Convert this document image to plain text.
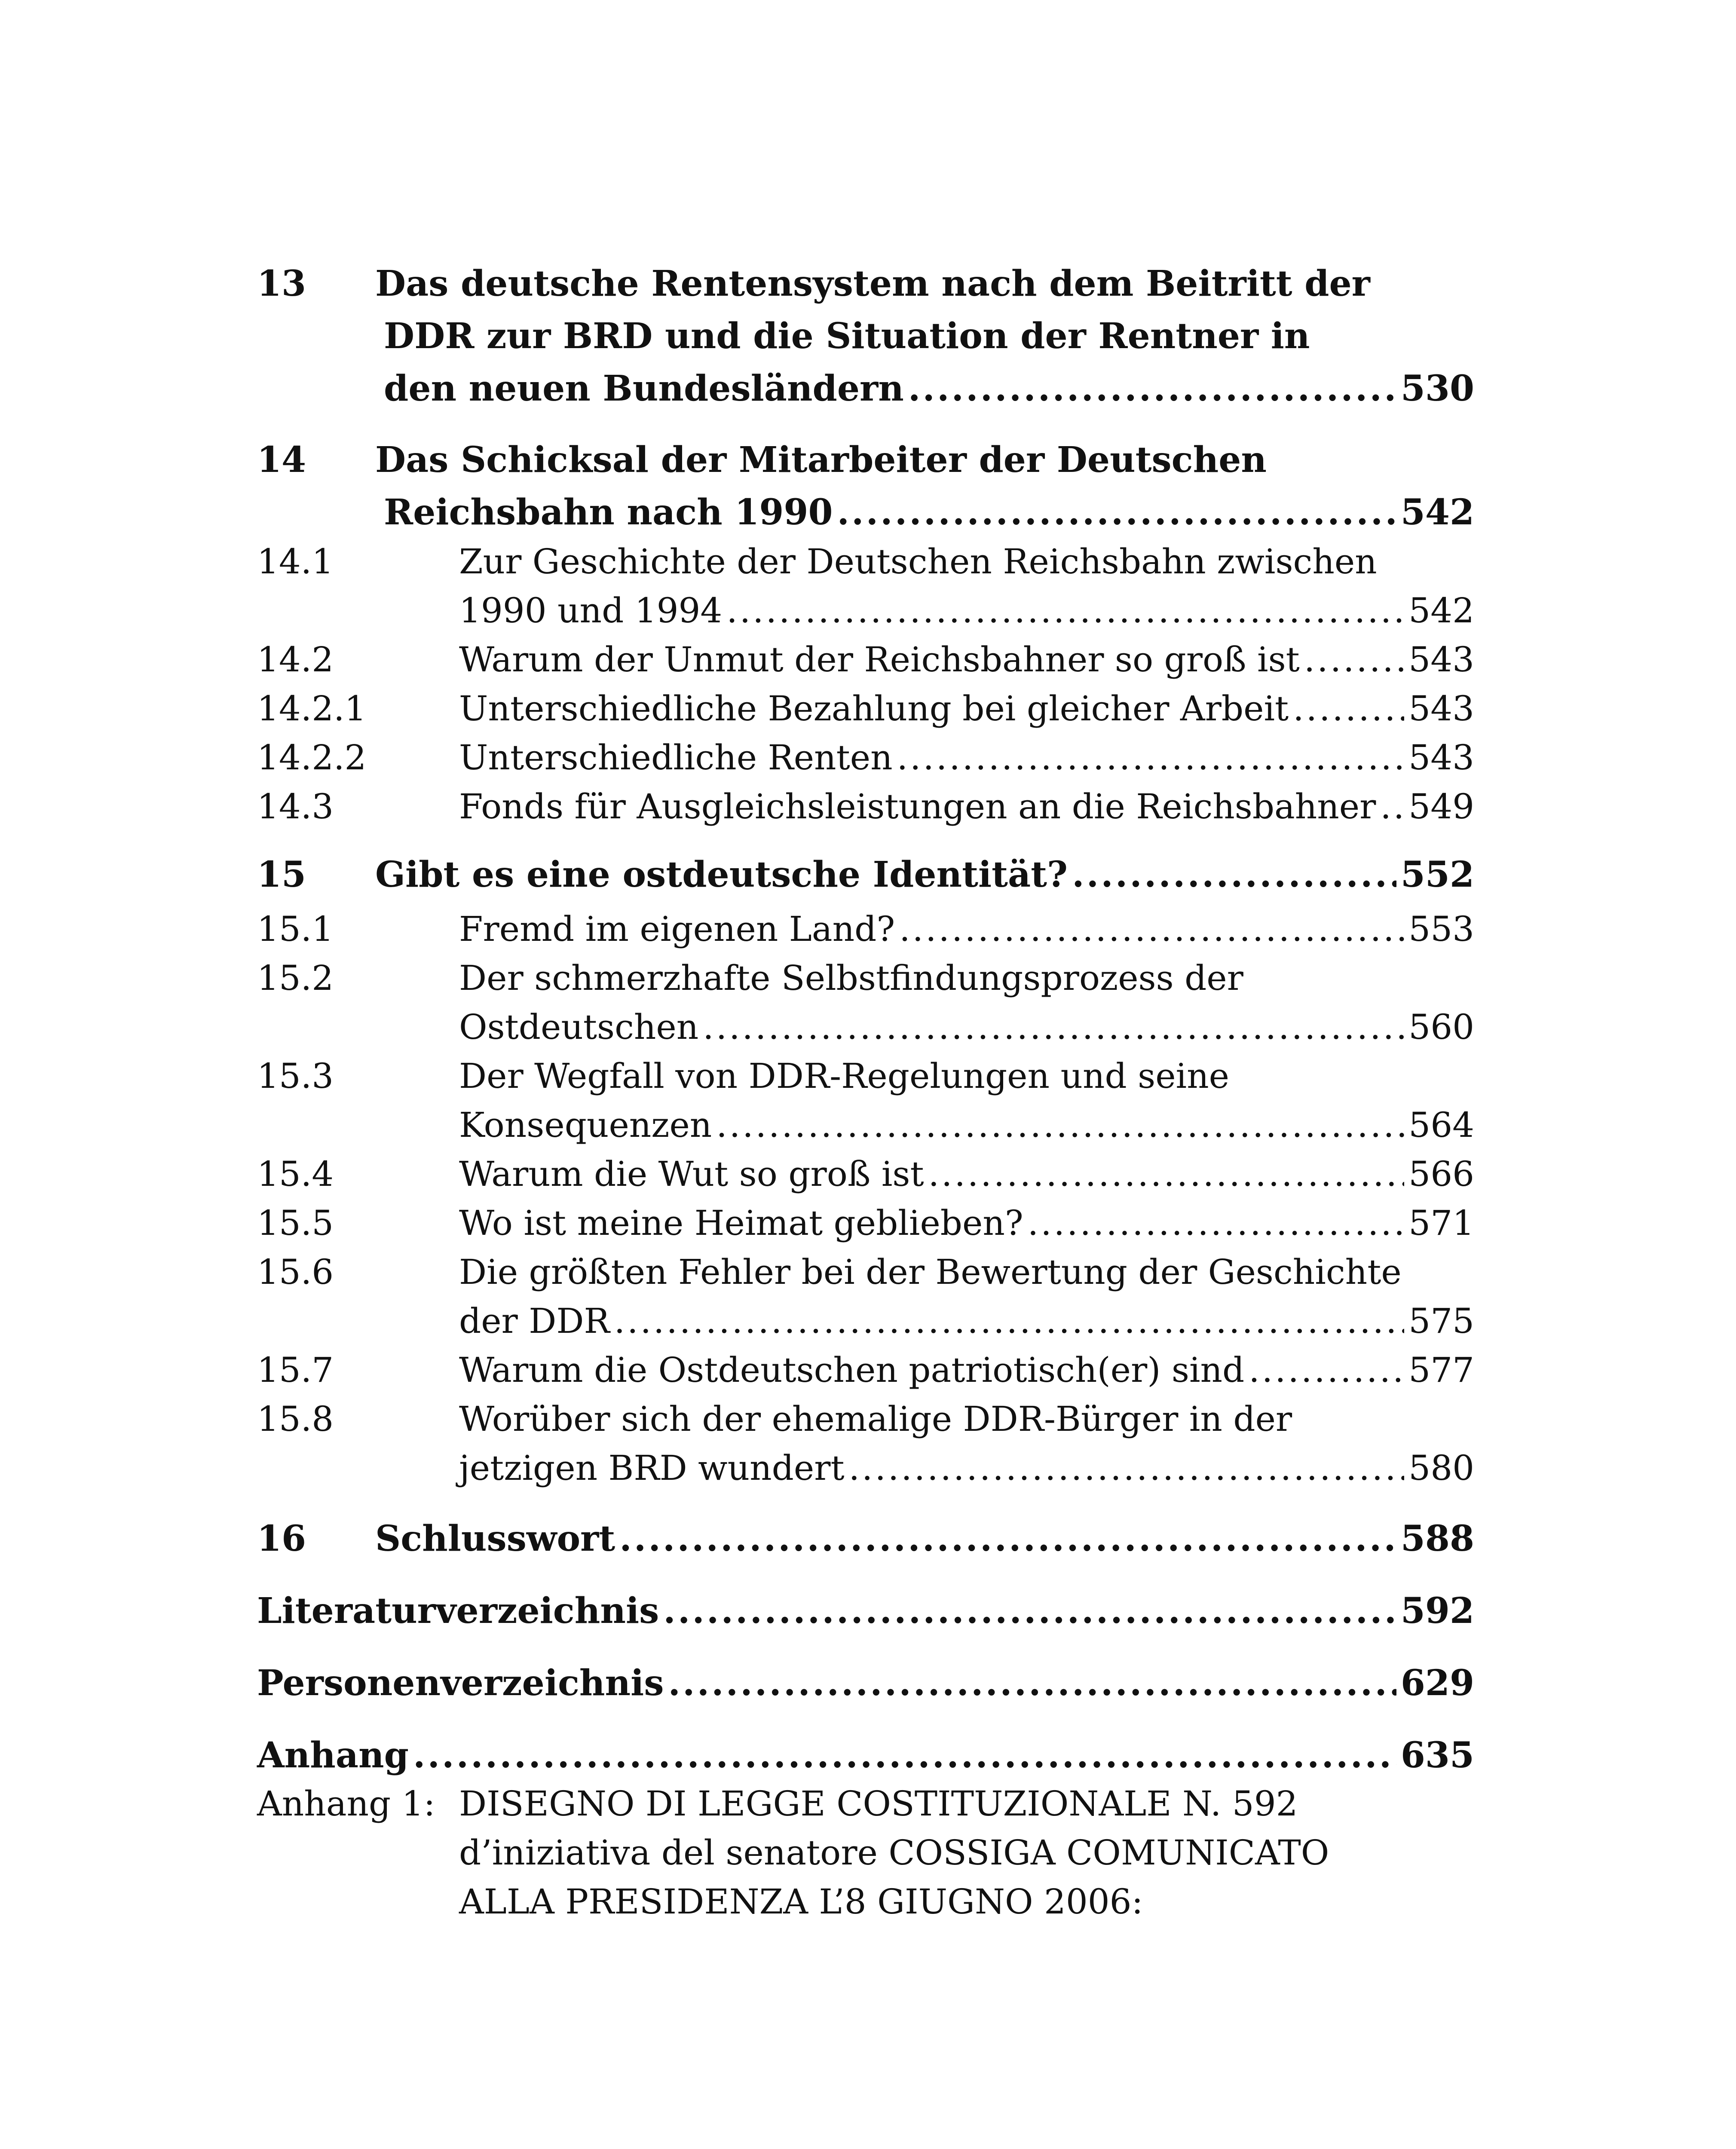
13 Das deutsche Rentensystem nach dem Beitritt der
DDR zur BRD und die Situation der Rentner in
den neuen Bundesländern .....	530
14 Das Schicksal der Mitarbeiter der Deutschen
Reichsbahn nach 1990 .....	542
14.1	Zur Geschichte der Deutschen Reichsbahn zwischen
1990 und 1994 .....	542
14.2	Warum der Unmut der Reichsbahner so groß ist .....	543
14.2.1	Unterschiedliche Bezahlung bei gleicher Arbeit .....	543
14.2.2	Unterschiedliche Renten .....	543
14.3	Fonds für Ausgleichsleistungen an die Reichsbahner ..... 549
15 Gibt es eine ostdeutsche Identität? .....	552
15.1	Fremd im eigenen Land? .....	553
15.2	Der schmerzhafte Selbstfindungsprozess der
Ostdeutschen .....	560
15.3	Der Wegfall von DDR-Regelungen und seine
Konsequenzen .....	564
15.4	Warum die Wut so groß ist .....	566
15.5	Wo ist meine Heimat geblieben? .....	571
15.6	Die größten Fehler bei der Bewertung der Geschichte
der DDR .....	575
15.7	Warum die Ostdeutschen patriotisch(er) sind .....	577
15.8	Worüber sich der ehemalige DDR-Bürger in der
jetzigen BRD wundert .....	580
16 Schlusswort .....	588
Literaturverzeichnis .....	592
Personenverzeichnis .....	629
Anhang .....	635
Anhang 1: DISEGNO DI LEGGE COSTITUZIONALE N. 592
d’iniziativa del senatore COSSIGA COMUNICATO
ALLA PRESIDENZA L’8 GIUGNO 2006:
